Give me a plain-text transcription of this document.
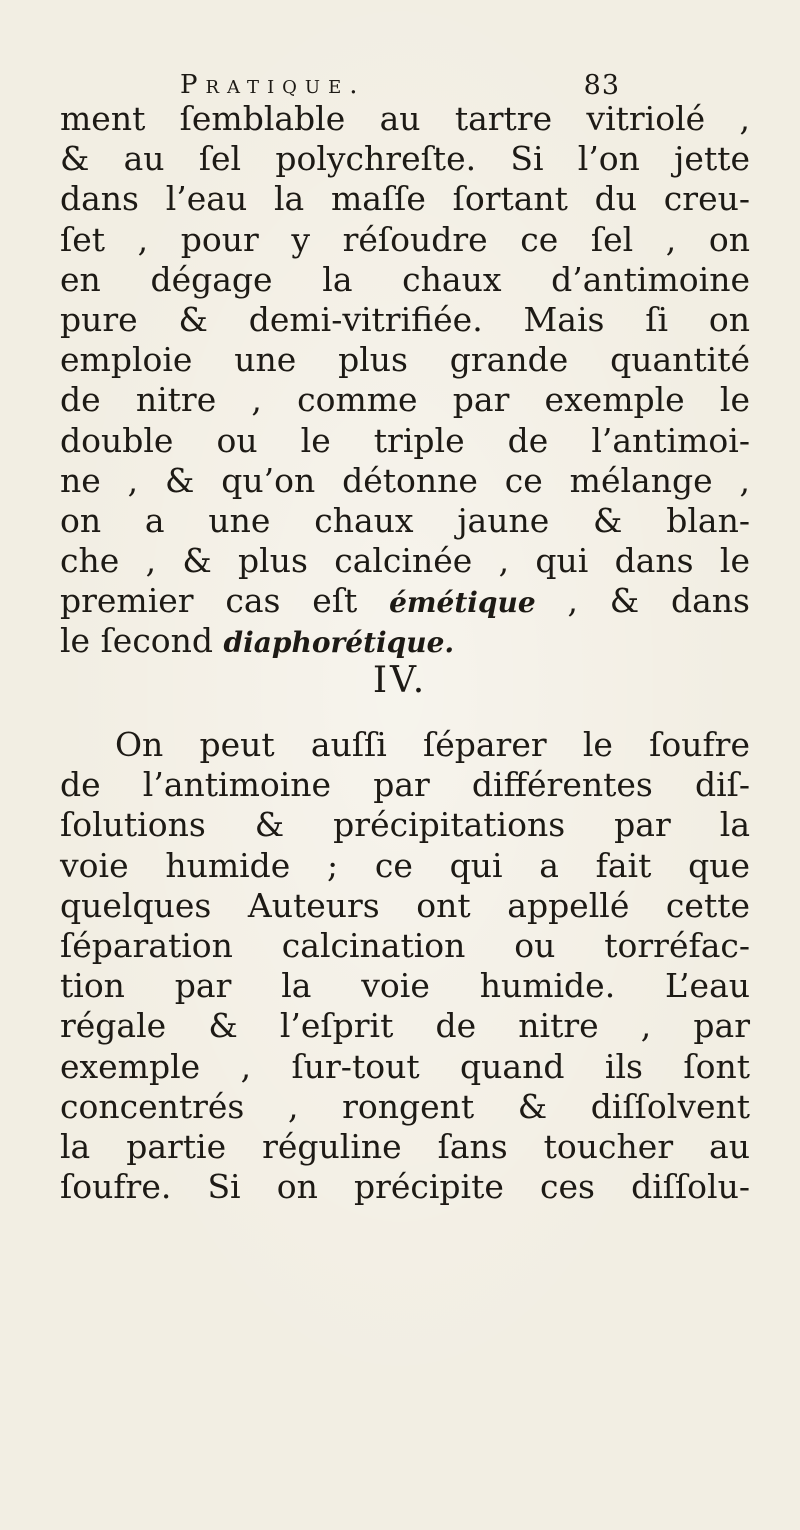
Pratique.	83
ment ſemblable au tartre vitriolé ,
& au ſel polychreſte. Si l’on jette
dans l’eau la maſſe ſortant du creu-
ſet , pour y réſoudre ce ſel , on
en dégage la chaux d’antimoine
pure & demi-vitrifiée. Mais ſi on
emploie une plus grande quantité
de nitre , comme par exemple le
double ou le triple de l’antimoi-
ne , & qu’on détonne ce mélange ,
on a une chaux jaune & blan-
che , & plus calcinée , qui dans le
premier cas eſt émétique , & dans
le ſecond diaphorétique.
IV.
On peut auſſi ſéparer le ſoufre
de l’antimoine par différentes diſ-
ſolutions & précipitations par la
voie humide ; ce qui a fait que
quelques Auteurs ont appellé cette
ſéparation calcination ou torréfac-
tion par la voie humide. L’eau
régale & l’eſprit de nitre , par
exemple , ſur-tout quand ils ſont
concentrés , rongent & diſſolvent
la partie réguline ſans toucher au
ſoufre. Si on précipite ces diſſolu-
